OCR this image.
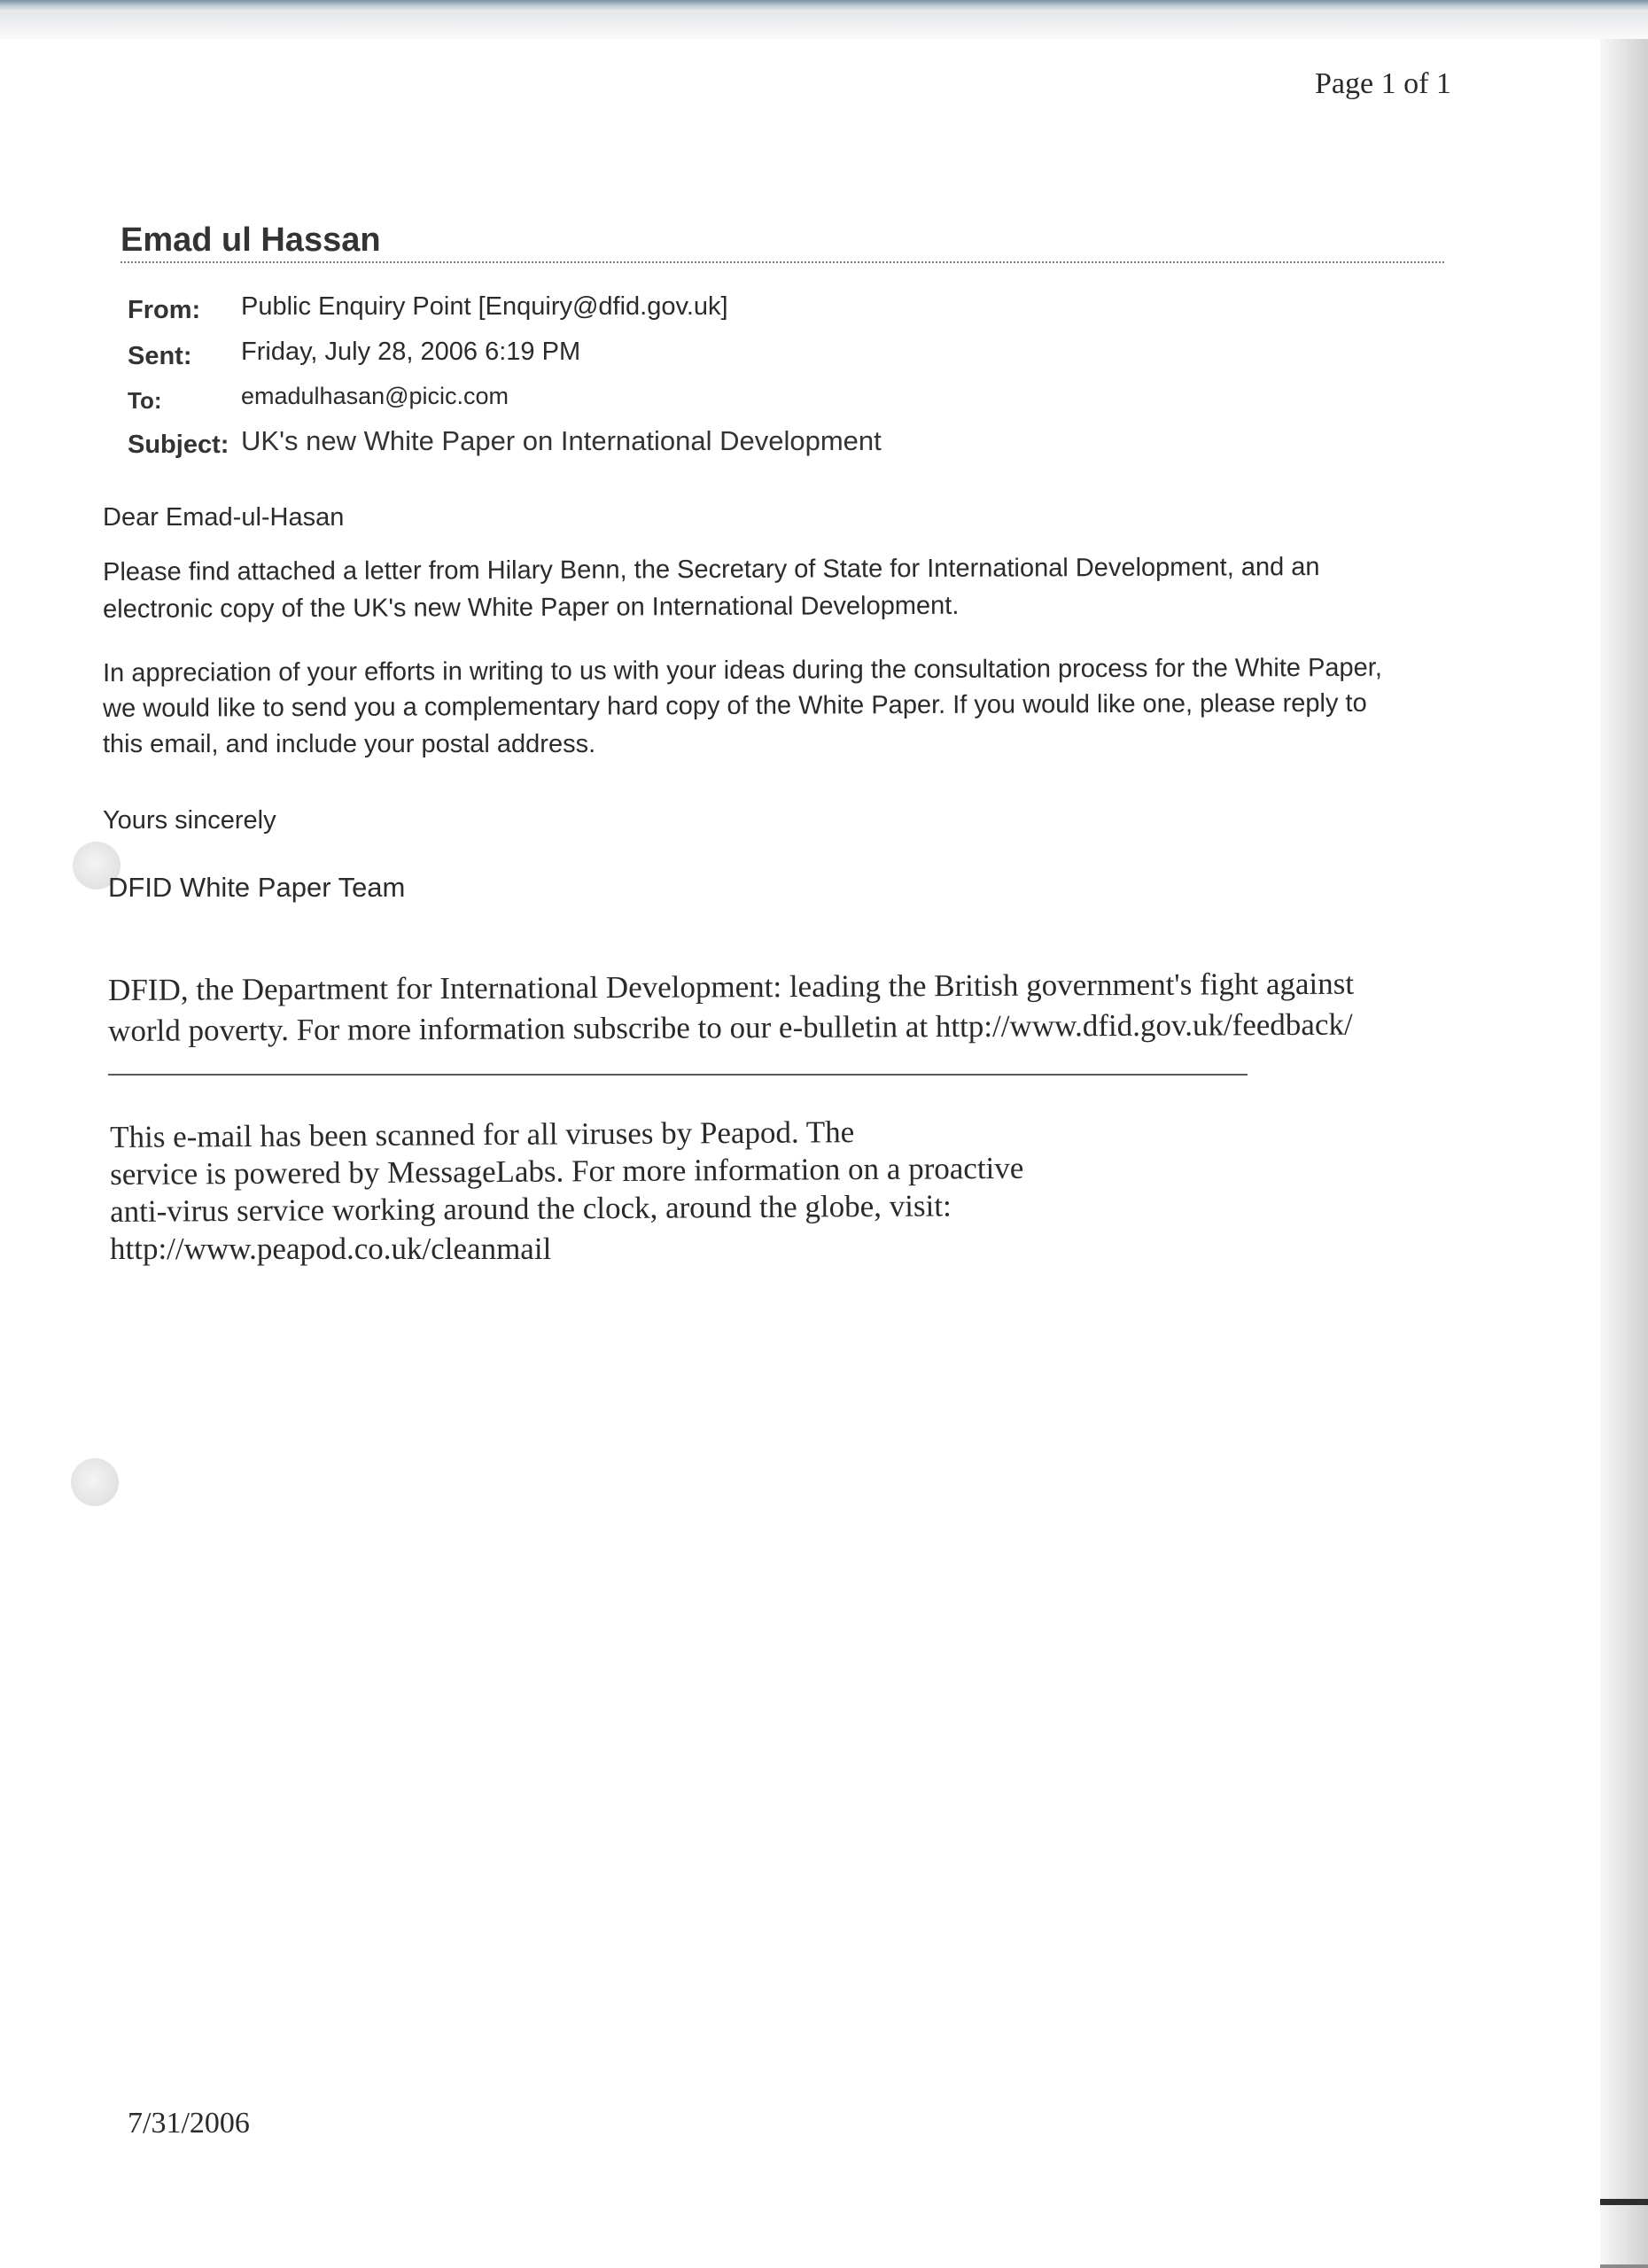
Page 1 of 1
Emad ul Hassan
From: Public Enquiry Point [Enquiry@dfid.gov.uk]
Sent: Friday, July 28, 2006 6:19 PM
To:	emadulhasan@picic.com
Subject: UK's new White Paper on International Development
Dear Emad-ul-Hasan
Please find attached a letter from Hilary Benn, the Secretary of State for International Development, and an
electronic copy of the UK's new White Paper on International Development.
In appreciation of your efforts in writing to us with your ideas during the consultation process for the White Paper,
we would like to send you a complementary hard copy of the White Paper. If you would like one, please reply to
this email, and include your postal address.
Yours sincerely
DFID White Paper Team
DFID, the Department for International Development: leading the British government's fight against
world poverty. For more information subscribe to our e-bulletin at http://www.dfid.gov.uk/feedback/
This e-mail has been scanned for all viruses by Peapod. The
service is powered by MessageLabs. For more information on a proactive
anti-virus service working around the clock, around the globe, visit:
http://www.peapod.co.uk/cleanmail
7/31/2006
